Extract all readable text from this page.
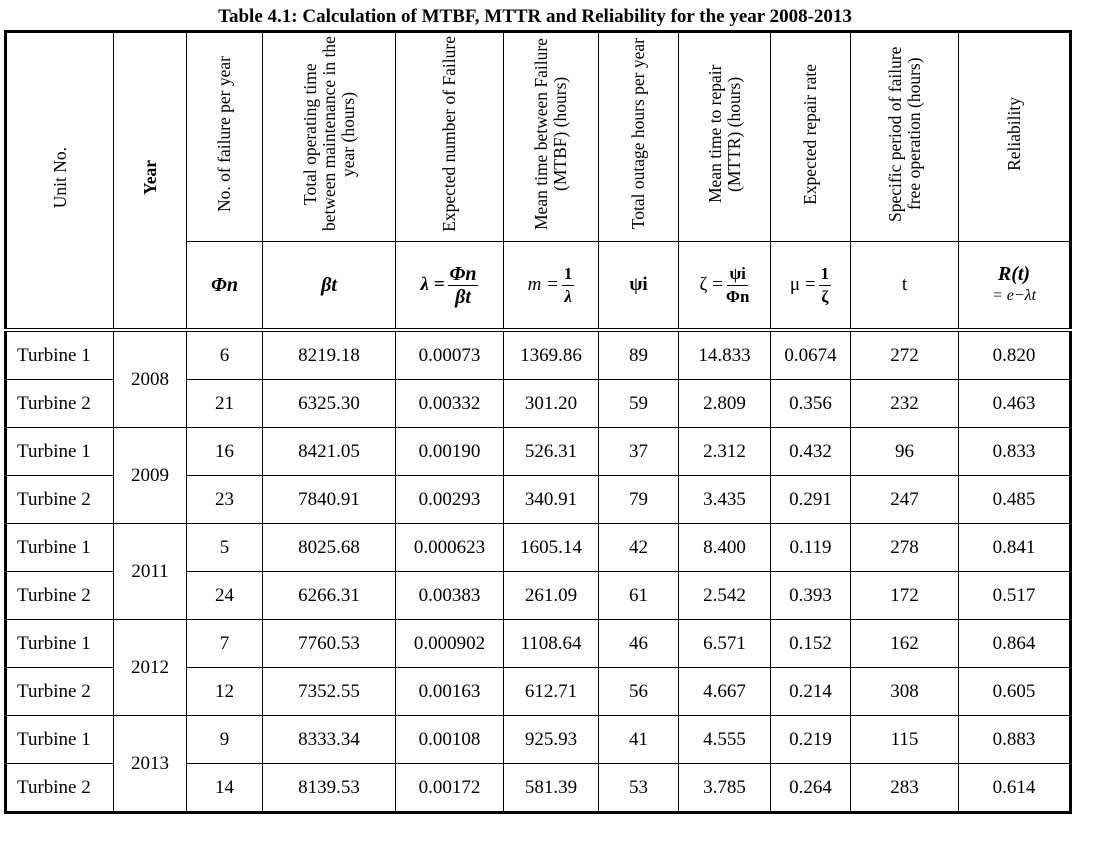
Table 4.1: Calculation of MTBF, MTTR and Reliability for the year 2008-2013
Unit No.	Year	No. of failure per year	Total operating time between maintenance in the year (hours)	Expected number of Failure	Mean time between Failure (MTBF) (hours)	Total outage hours per year	Mean time to repair (MTTR) (hours)	Expected repair rate	Specific period of failure free operation (hours)	Reliability
		Φn	βt	$\lambda = \frac{\Phi n}{\beta t}$	$m = \frac{1}{\lambda}$	ψi	$\zeta = \frac{\psi i}{\Phi n}$	$\mu = \frac{1}{\zeta}$	t	R(t)
= e−λt
Turbine 1	2008	6	8219.18	0.00073	1369.86	89	14.833	0.0674	272	0.820
Turbine 2		21	6325.30	0.00332	301.20	59	2.809	0.356	232	0.463
Turbine 1	2009	16	8421.05	0.00190	526.31	37	2.312	0.432	96	0.833
Turbine 2		23	7840.91	0.00293	340.91	79	3.435	0.291	247	0.485
Turbine 1	2011	5	8025.68	0.000623	1605.14	42	8.400	0.119	278	0.841
Turbine 2		24	6266.31	0.00383	261.09	61	2.542	0.393	172	0.517
Turbine 1	2012	7	7760.53	0.000902	1108.64	46	6.571	0.152	162	0.864
Turbine 2		12	7352.55	0.00163	612.71	56	4.667	0.214	308	0.605
Turbine 1	2013	9	8333.34	0.00108	925.93	41	4.555	0.219	115	0.883
Turbine 2		14	8139.53	0.00172	581.39	53	3.785	0.264	283	0.614
